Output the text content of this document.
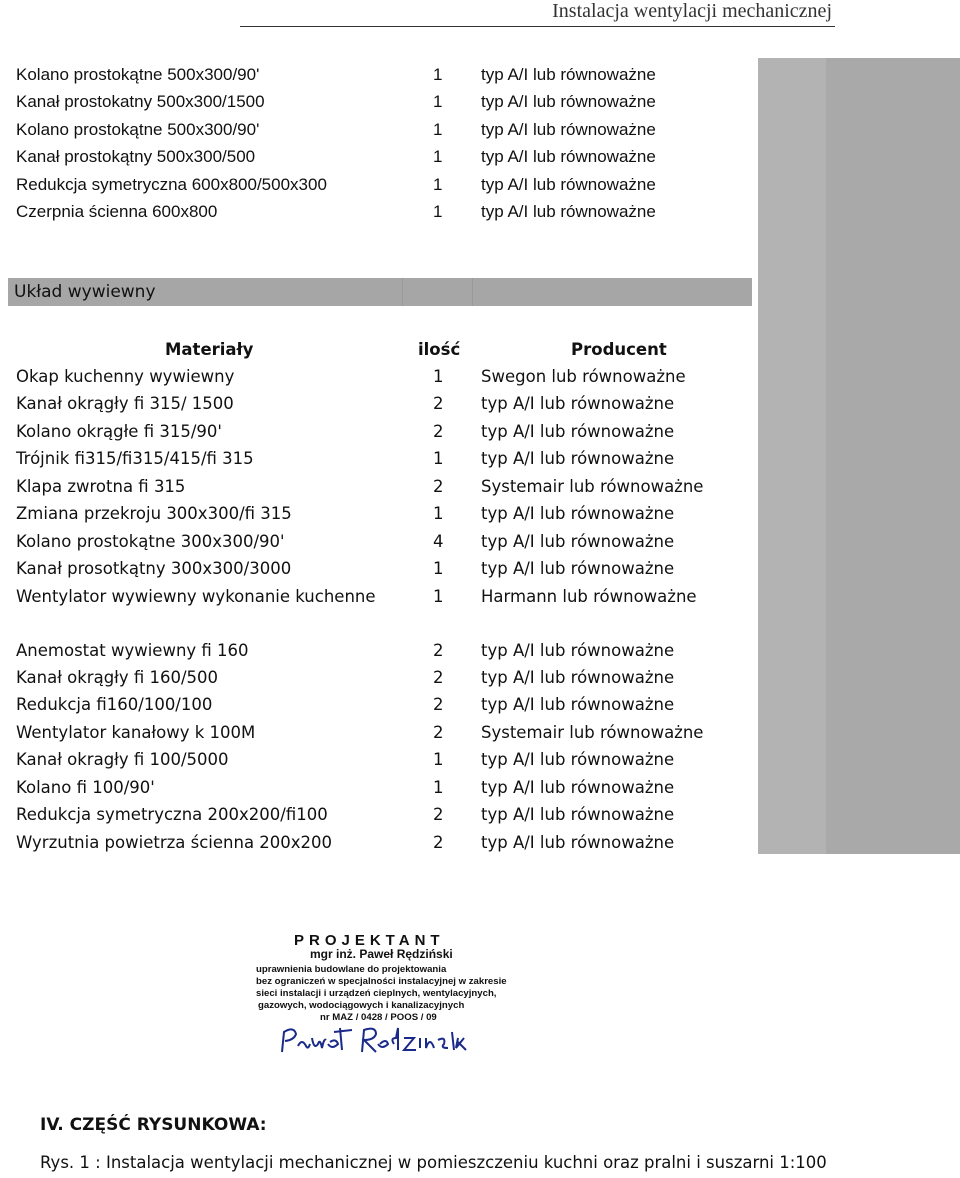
Instalacja wentylacji mechanicznej
Kolano prostokątne 500x300/90'	1 typ A/I lub równoważne
Kanał prostokatny 500x300/1500	1 typ A/I lub równoważne
Kolano prostokątne 500x300/90'	1 typ A/I lub równoważne
Kanał prostokątny 500x300/500	1 typ A/I lub równoważne
Redukcja symetryczna 600x800/500x300	1 typ A/I lub równoważne
Czerpnia ścienna 600x800	1 typ A/I lub równoważne
Układ wywiewny
Materiały	ilość	Producent
Okap kuchenny wywiewny	1 Swegon lub równoważne
Kanał okrągły fi 315/ 1500	2 typ A/I lub równoważne
Kolano okrągłe fi 315/90'	2 typ A/I lub równoważne
Trójnik fi315/fi315/415/fi 315	1 typ A/I lub równoważne
Klapa zwrotna fi 315	2 Systemair lub równoważne
Zmiana przekroju 300x300/fi 315	1 typ A/I lub równoważne
Kolano prostokątne 300x300/90'	4 typ A/I lub równoważne
Kanał prosotkątny 300x300/3000	1 typ A/I lub równoważne
Wentylator wywiewny wykonanie kuchenne	1 Harmann lub równoważne
Anemostat wywiewny fi 160	2 typ A/I lub równoważne
Kanał okrągły fi 160/500	2 typ A/I lub równoważne
Redukcja fi160/100/100	2 typ A/I lub równoważne
Wentylator kanałowy k 100M	2 Systemair lub równoważne
Kanał okragły fi 100/5000	1 typ A/I lub równoważne
Kolano fi 100/90'	1 typ A/I lub równoważne
Redukcja symetryczna 200x200/fi100	2 typ A/I lub równoważne
Wyrzutnia powietrza ścienna 200x200	2 typ A/I lub równoważne
PROJEKTANT
mgr inż. Paweł Rędziński
uprawnienia budowlane do projektowania
bez ograniczeń w specjalności instalacyjnej w zakresie
sieci instalacji i urządzeń cieplnych, wentylacyjnych,
gazowych, wodociągowych i kanalizacyjnych
nr MAZ / 0428 / POOS / 09
IV. CZĘŚĆ RYSUNKOWA:
Rys. 1 : Instalacja wentylacji mechanicznej w pomieszczeniu kuchni oraz pralni i suszarni 1:100
